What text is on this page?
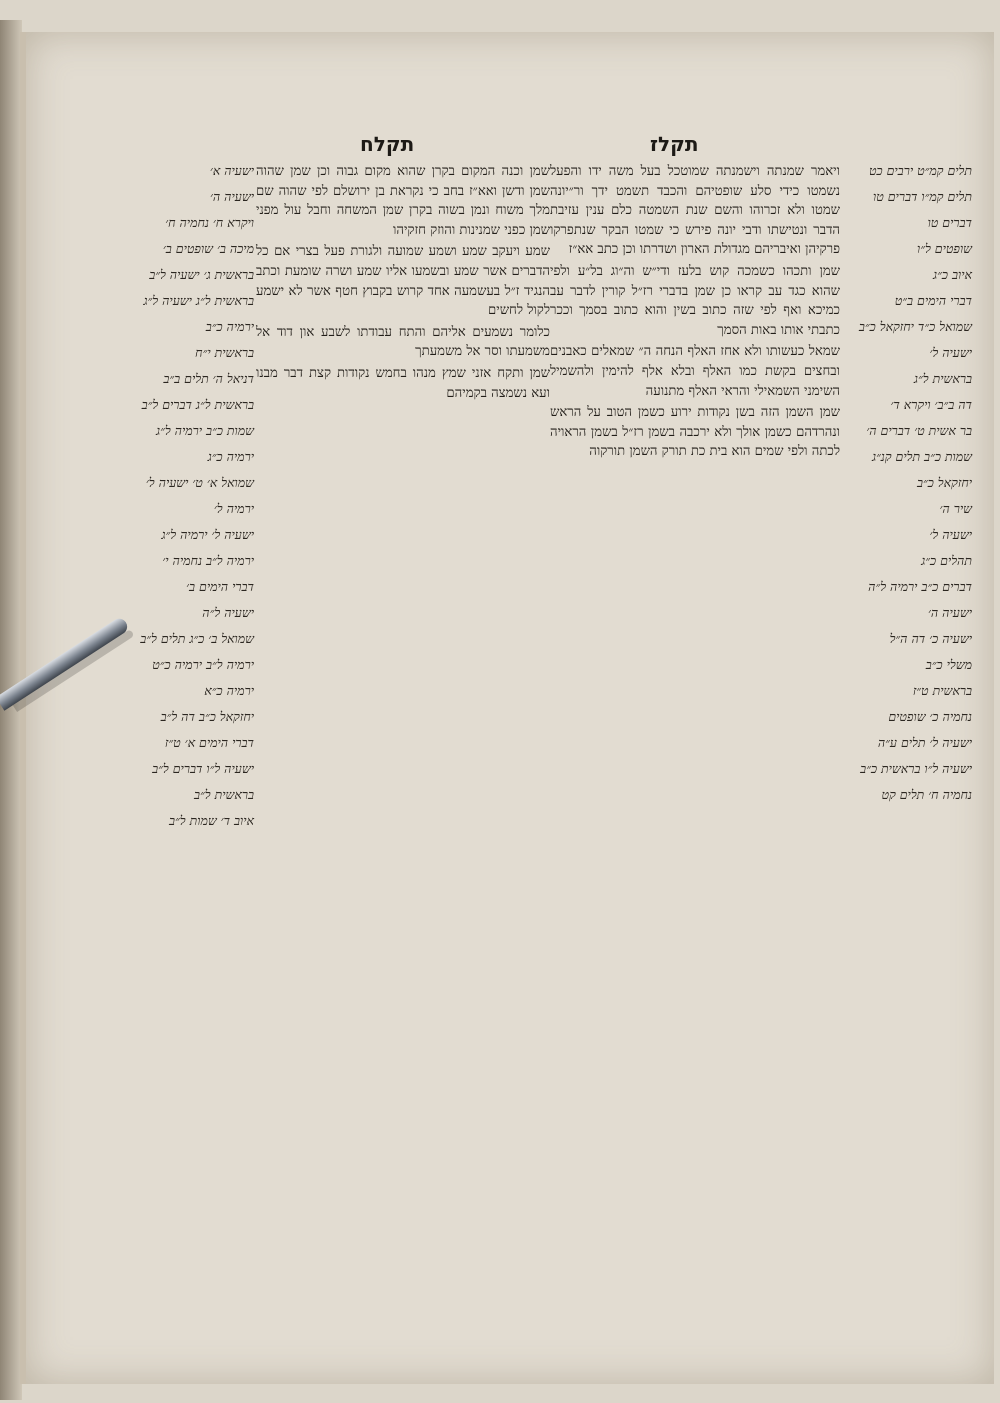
תקלח	תקלז

ויאמר שמנתה וישמנתה שמוטכל בעל משה ידו והפעל נשמטו כידי סלע שופטיהם והכבד תשמט ידך ור״יונה שמטו ולא זכרוהו והשם שנת השמטה כלם ענין עזיבת הדבר ונטישתו ודבי יונה פירש כי שמטו הבקר שנתפרקו פרקיהן ואיבריהם מגדולת הארון ושדרתו וכן כתב אא״ז

שמן ותכהו כשמכה קוש בלעז ודי״ש וה״וג בל״ע ולפי שהוא כגד עב קראו כן שמן בדברי רז״ל קורין לדבר עב כמיכא ואף לפי שזה כתוב בשין והוא כתוב בסמך וככר כתבתי אותו באות הסמך

שמאל כעשותו ולא אחז האלף הנחה ה״ שמאלים כאבנים ובחצים בקשת כמו האלף ובלא אלף להימין ולהשמיל השימני השמאילי והראי האלף מתנועה

שמן השמן הזה בשן נקודות ירוע כשמן הטוב על הראש ונהרדהם כשמן אולך ולא ירכבה בשמן רז״ל בשמן הראויה לכתה ולפי שמים הוא בית כת תורק השמן תורקוה

שמן וכנה המקום בקרן שהוא מקום גבוה וכן שמן שהוה שמן ודשן ואא״ז בחב כי נקראת בן ירושלם לפי שהוה שם מלך משוח ונמן בשוה בקרן שמן המשחה וחבל עול מפני שמן כפני שמנינות והוזק חזקיהו

שמע ויעקב שמע ושמע שמועה ולגורת פעל בצרי אם כל הדברים אשר שמע ובשמעו אליו שמע ושרה שומעת וכתב הנגיד ז״ל בעשמעה אחד קרוש בקבוץ חטף אשר לא ישמע לקול לחשים

כלומר נשמעים אליהם והתח עבודתו לשבע און דוד אל משמעתו וסר אל משמעתך

שמן ותקח אזני שמץ מנהו בחמש נקודות קצת דבר מבנו ועא נשמצה בקמיהם

תלים קמ״ט ירבים כט
תלים קמ״ו דברים טו
דברים טו
שופטים ל״ו
איוב כ״ג
דברי הימים ב״ט
שמואל כ״ד יחזקאל כ״ב
ישעיה ל׳
בראשית ל״ג
דה ב״ב׳ ויקרא ד׳
בר אשית ט׳ דברים ה׳
שמות כ״ב תלים קנ״ג
יחזקאל כ״ב
שיר ה׳
ישעיה ל׳
תהלים כ״ג
דברים כ״ב ירמיה ל״ה
ישעיה ה׳
ישעיה כ׳ דה ה״ל
משלי כ״ב
בראשית ט״ז
נחמיה כ׳ שופטים
ישעיה ל׳ תלים ע״ה
ישעיה ל״ו בראשית כ״ב
נחמיה ח׳ תלים קט
ישעיה א׳
ישעיה ה׳
ויקרא ח׳ נחמיה ח׳
מיכה ב׳ שופטים ב׳
בראשית ג׳ ישעיה ל״ב
בראשית ל״ג ישעיה ל״ג
ירמיה כ״ב
בראשית י״ח
דניאל ה׳ תלים ב״ב
בראשית ל״ג דברים ל״ב
שמות כ״ב ירמיה ל״ג
ירמיה כ״ג
שמואל א׳ ט׳ ישעיה ל׳
ירמיה ל׳
ישעיה ל׳ ירמיה ל״ג
ירמיה ל״ב נחמיה י׳
דברי הימים ב׳
ישעיה ל״ה
שמואל ב׳ כ״ג תלים ל״ב
ירמיה ל״ב ירמיה כ״ט
ירמיה כ״א
יחזקאל כ״ב דה ל״ב
דברי הימים א׳ ט״ז
ישעיה ל״ו דברים ל״ב
בראשית ל״ב
איוב ד׳ שמות ל״ב
